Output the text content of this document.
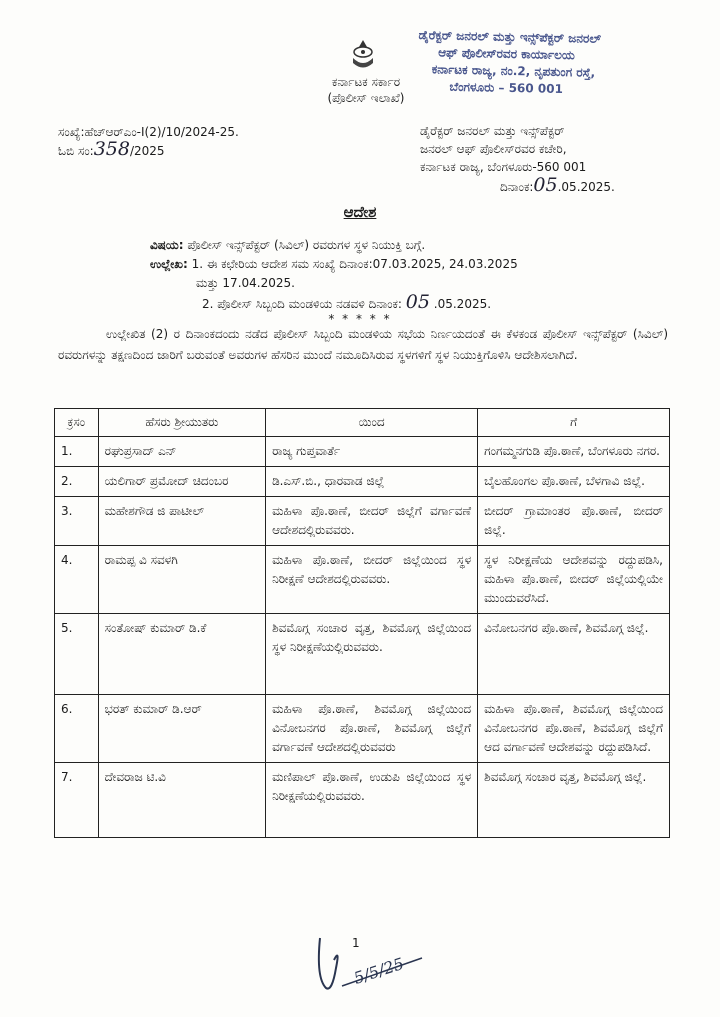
ಕರ್ನಾಟಕ ಸರ್ಕಾರ
(ಪೊಲೀಸ್ ಇಲಾಖೆ)
ಡೈರೆಕ್ಟರ್ ಜನರಲ್ ಮತ್ತು ಇನ್ಸ್‌ಪೆಕ್ಟರ್ ಜನರಲ್
ಆಫ್ ಪೊಲೀಸ್‌ರವರ ಕಾರ್ಯಾಲಯ
ಕರ್ನಾಟಕ ರಾಜ್ಯ, ನಂ.2, ನೃಪತುಂಗ ರಸ್ತೆ,
ಬೆಂಗಳೂರು – 560 001
ಸಂಖ್ಯೆ:ಹೆಚ್‌ಆರ್‌ಎಂ-I(2)/10/2024-25.
ಓಬಿ ಸಂ:358/2025
ಡೈರೆಕ್ಟರ್ ಜನರಲ್ ಮತ್ತು ಇನ್ಸ್‌ಪೆಕ್ಟರ್
ಜನರಲ್ ಆಫ್ ಪೊಲೀಸ್‌ರವರ ಕಚೇರಿ,
ಕರ್ನಾಟಕ ರಾಜ್ಯ, ಬೆಂಗಳೂರು-560 001
ದಿನಾಂಕ:05.05.2025.
ಆದೇಶ
ವಿಷಯ: ಪೊಲೀಸ್ ಇನ್ಸ್‌ಪೆಕ್ಟರ್ (ಸಿವಿಲ್) ರವರುಗಳ ಸ್ಥಳ ನಿಯುಕ್ತಿ ಬಗ್ಗೆ.
ಉಲ್ಲೇಖ: 1. ಈ ಕಛೇರಿಯ ಆದೇಶ ಸಮ ಸಂಖ್ಯೆ ದಿನಾಂಕ:07.03.2025, 24.03.2025
ಮತ್ತು 17.04.2025.
2. ಪೊಲೀಸ್ ಸಿಬ್ಬಂದಿ ಮಂಡಳಿಯ ನಡವಳಿ ದಿನಾಂಕ: 05 .05.2025.
* * * * *
ಉಲ್ಲೇಖಿತ (2) ರ ದಿನಾಂಕದಂದು ನಡೆದ ಪೊಲೀಸ್ ಸಿಬ್ಬಂದಿ ಮಂಡಳಿಯ ಸಭೆಯ ನಿರ್ಣಯದಂತೆ ಈ ಕೆಳಕಂಡ ಪೊಲೀಸ್ ಇನ್ಸ್‌ಪೆಕ್ಟರ್ (ಸಿವಿಲ್) ರವರುಗಳನ್ನು ತಕ್ಷಣದಿಂದ ಜಾರಿಗೆ ಬರುವಂತೆ ಅವರುಗಳ ಹೆಸರಿನ ಮುಂದೆ ನಮೂದಿಸಿರುವ ಸ್ಥಳಗಳಿಗೆ ಸ್ಥಳ ನಿಯುಕ್ತಿಗೊಳಿಸಿ ಆದೇಶಿಸಲಾಗಿದೆ.
ಕ್ರಸಂ	ಹೆಸರು ಶ್ರೀಯುತರು	ಯಿಂದ	ಗೆ
1.	ರಘುಪ್ರಸಾದ್ ಎನ್	ರಾಜ್ಯ ಗುಪ್ತವಾರ್ತೆ	ಗಂಗಮ್ಮನಗುಡಿ ಪೊ.ಠಾಣೆ, ಬೆಂಗಳೂರು ನಗರ.
2.	ಯಲಿಗಾರ್ ಪ್ರಮೋದ್ ಚಿದಂಬರ	ಡಿ.ಎಸ್.ಬಿ., ಧಾರವಾಡ ಜಿಲ್ಲೆ	ಬೈಲಹೊಂಗಲ ಪೊ.ಠಾಣೆ, ಬೆಳಗಾವಿ ಜಿಲ್ಲೆ.
3.	ಮಹೇಶಗೌಡ ಜಿ ಪಾಟೀಲ್	ಮಹಿಳಾ ಪೊ.ಠಾಣೆ, ಬೀದರ್ ಜಿಲ್ಲೆಗೆ ವರ್ಗಾವಣೆ ಆದೇಶದಲ್ಲಿರುವವರು.	ಬೀದರ್ ಗ್ರಾಮಾಂತರ ಪೊ.ಠಾಣೆ, ಬೀದರ್ ಜಿಲ್ಲೆ.
4.	ರಾಮಪ್ಪ ವಿ ಸವಳಗಿ	ಮಹಿಳಾ ಪೊ.ಠಾಣೆ, ಬೀದರ್ ಜಿಲ್ಲೆಯಿಂದ ಸ್ಥಳ ನಿರೀಕ್ಷಣೆ ಆದೇಶದಲ್ಲಿರುವವರು.	ಸ್ಥಳ ನಿರೀಕ್ಷಣೆಯ ಆದೇಶವನ್ನು ರದ್ದುಪಡಿಸಿ, ಮಹಿಳಾ ಪೊ.ಠಾಣೆ, ಬೀದರ್ ಜಿಲ್ಲೆಯಲ್ಲಿಯೇ ಮುಂದುವರೆಸಿದೆ.
5.	ಸಂತೋಷ್ ಕುಮಾರ್ ಡಿ.ಕೆ	ಶಿವಮೊಗ್ಗ ಸಂಚಾರ ವೃತ್ತ, ಶಿವಮೊಗ್ಗ ಜಿಲ್ಲೆಯಿಂದ ಸ್ಥಳ ನಿರೀಕ್ಷಣೆಯಲ್ಲಿರುವವರು.	ವಿನೋಬನಗರ ಪೊ.ಠಾಣೆ, ಶಿವಮೊಗ್ಗ ಜಿಲ್ಲೆ.
6.	ಭರತ್ ಕುಮಾರ್ ಡಿ.ಆರ್	ಮಹಿಳಾ ಪೊ.ಠಾಣೆ, ಶಿವಮೊಗ್ಗ ಜಿಲ್ಲೆಯಿಂದ ವಿನೋಬನಗರ ಪೊ.ಠಾಣೆ, ಶಿವಮೊಗ್ಗ ಜಿಲ್ಲೆಗೆ ವರ್ಗಾವಣೆ ಆದೇಶದಲ್ಲಿರುವವರು	ಮಹಿಳಾ ಪೊ.ಠಾಣೆ, ಶಿವಮೊಗ್ಗ ಜಿಲ್ಲೆಯಿಂದ ವಿನೋಬನಗರ ಪೊ.ಠಾಣೆ, ಶಿವಮೊಗ್ಗ ಜಿಲ್ಲೆಗೆ ಆದ ವರ್ಗಾವಣೆ ಆದೇಶವನ್ನು ರದ್ದುಪಡಿಸಿದೆ.
7.	ದೇವರಾಜ ಟಿ.ವಿ	ಮಣಿಪಾಲ್ ಪೊ.ಠಾಣೆ, ಉಡುಪಿ ಜಿಲ್ಲೆಯಿಂದ ಸ್ಥಳ ನಿರೀಕ್ಷಣೆಯಲ್ಲಿರುವವರು.	ಶಿವಮೊಗ್ಗ ಸಂಚಾರ ವೃತ್ತ, ಶಿವಮೊಗ್ಗ ಜಿಲ್ಲೆ.
1
5/5/25
